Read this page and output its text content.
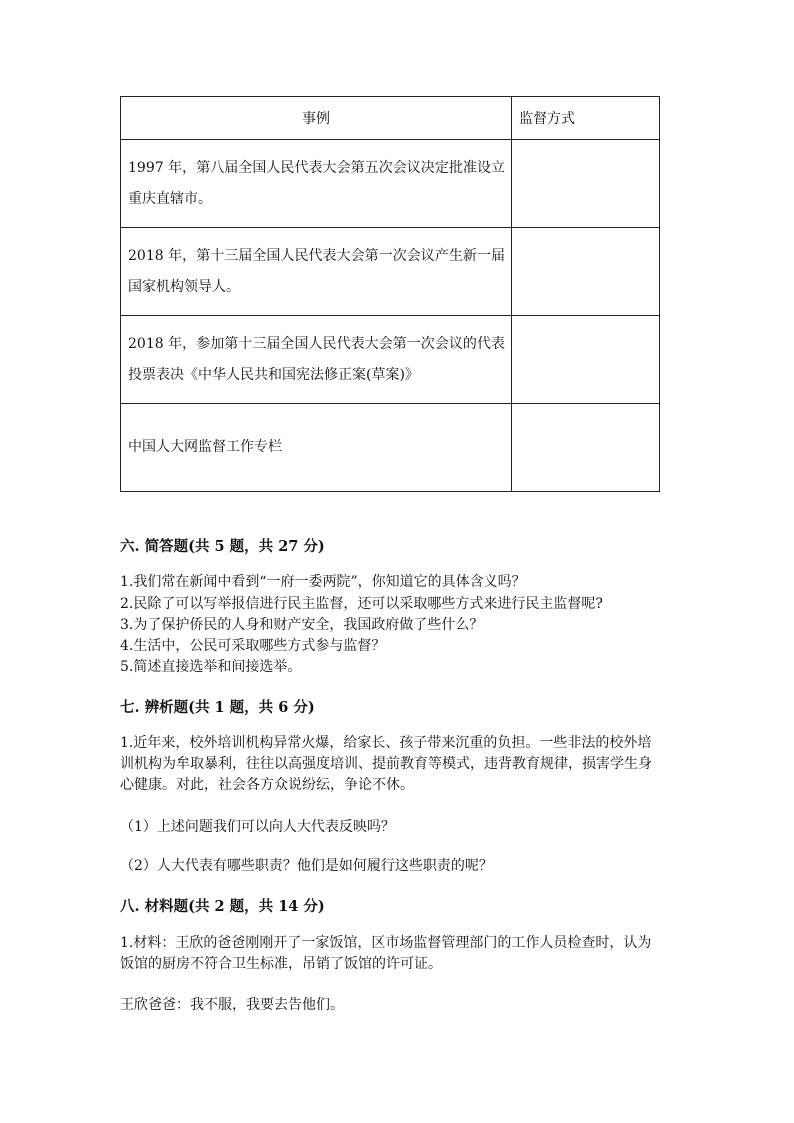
事例	监督方式

1997 年，第八届全国人民代表大会第五次会议决定批准设立重庆直辖市。	

2018 年，第十三届全国人民代表大会第一次会议产生新一届国家机构领导人。	

2018 年，参加第十三届全国人民代表大会第一次会议的代表投票表决《中华人民共和国宪法修正案(草案)》	

中国人大网监督工作专栏	

六. 简答题(共 5 题，共 27 分)
1.我们常在新闻中看到“一府一委两院”，你知道它的具体含义吗？
2.民除了可以写举报信进行民主监督，还可以采取哪些方式来进行民主监督呢?
3.为了保护侨民的人身和财产安全，我国政府做了些什么？
4.生活中，公民可采取哪些方式参与监督？
5.简述直接选举和间接选举。
七. 辨析题(共 1 题，共 6 分)
1.近年来，校外培训机构异常火爆，给家长、孩子带来沉重的负担。一些非法的校外培训机构为牟取暴利，往往以高强度培训、提前教育等模式，违背教育规律，损害学生身心健康。对此，社会各方众说纷纭，争论不休。
（1）上述问题我们可以向人大代表反映吗？
（2）人大代表有哪些职责？他们是如何履行这些职责的呢？
八. 材料题(共 2 题，共 14 分)
1.材料：王欣的爸爸刚刚开了一家饭馆，区市场监督管理部门的工作人员检查时，认为饭馆的厨房不符合卫生标准，吊销了饭馆的许可证。
王欣爸爸：我不服，我要去告他们。
